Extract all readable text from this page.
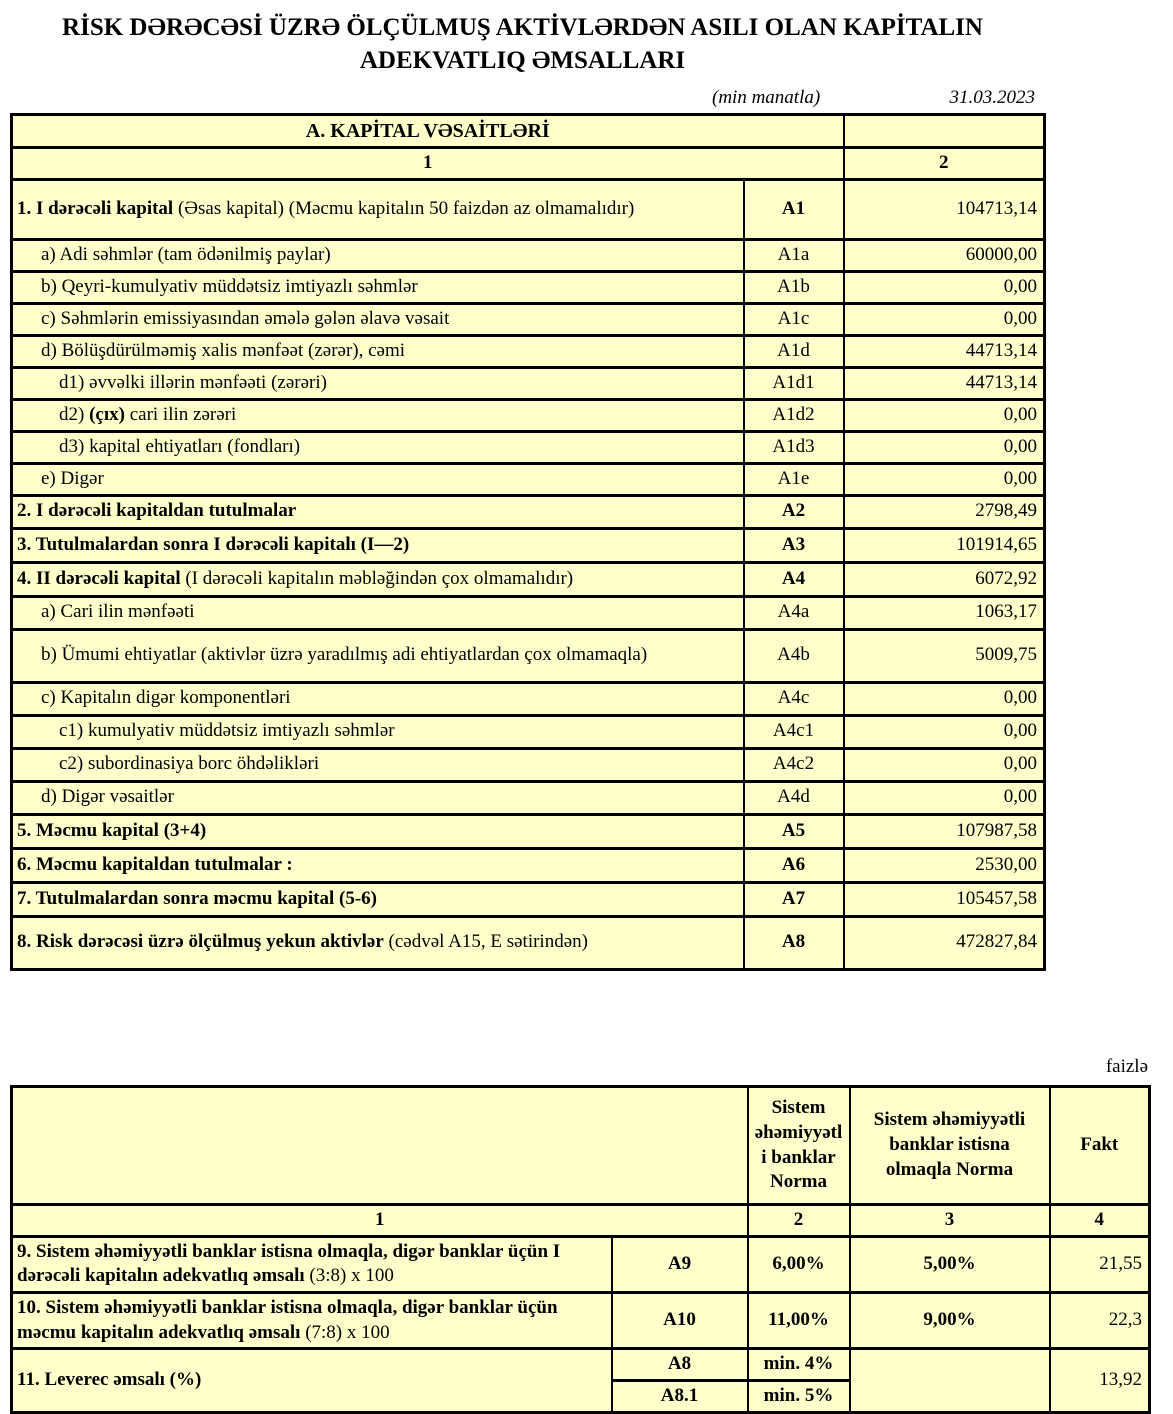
RİSK DƏRƏCƏSİ ÜZRƏ ÖLÇÜLMUŞ AKTİVLƏRDƏN ASILI OLAN KAPİTALIN
ADEKVATLIQ ƏMSALLARI
(min manatla)	31.03.2023
A. KAPİTAL VƏSAİTLƏRİ		
1		2
1. I dərəcəli kapital (Əsas kapital) (Məcmu kapitalın 50 faizdən az olmamalıdır)	A1	104713,14
a) Adi səhmlər (tam ödənilmiş paylar)	A1a	60000,00
b) Qeyri-kumulyativ müddətsiz imtiyazlı səhmlər	A1b	0,00
c) Səhmlərin emissiyasından əmələ gələn əlavə vəsait	A1c	0,00
d) Bölüşdürülməmiş xalis mənfəət (zərər), cəmi	A1d	44713,14
d1) əvvəlki illərin mənfəəti (zərəri)	A1d1	44713,14
d2) (çıx) cari ilin zərəri	A1d2	0,00
d3) kapital ehtiyatları (fondları)	A1d3	0,00
e) Digər	A1e	0,00
2. I dərəcəli kapitaldan tutulmalar	A2	2798,49
3. Tutulmalardan sonra I dərəcəli kapitalı (I—2)	A3	101914,65
4. II dərəcəli kapital (I dərəcəli kapitalın məbləğindən çox olmamalıdır)	A4	6072,92
a) Cari ilin mənfəəti	A4a	1063,17
b) Ümumi ehtiyatlar (aktivlər üzrə yaradılmış adi ehtiyatlardan çox olmamaqla)	A4b	5009,75
c) Kapitalın digər komponentləri	A4c	0,00
c1) kumulyativ müddətsiz imtiyazlı səhmlər	A4c1	0,00
c2) subordinasiya borc öhdəlikləri	A4c2	0,00
d) Digər vəsaitlər	A4d	0,00
5. Məcmu kapital (3+4)	A5	107987,58
6. Məcmu kapitaldan tutulmalar :	A6	2530,00
7. Tutulmalardan sonra məcmu kapital (5-6)	A7	105457,58
8. Risk dərəcəsi üzrə ölçülmuş yekun aktivlər (cədvəl A15, E sətirindən)	A8	472827,84
faizlə
		Sistem əhəmiyyətli banklar Norma	Sistem əhəmiyyətli banklar istisna olmaqla Norma	Fakt
1		2	3	4
9. Sistem əhəmiyyətli banklar istisna olmaqla, digər banklar üçün I dərəcəli kapitalın adekvatlıq əmsalı (3:8) x 100	A9	6,00%	5,00%	21,55
10. Sistem əhəmiyyətli banklar istisna olmaqla, digər banklar üçün məcmu kapitalın adekvatlıq əmsalı (7:8) x 100	A10	11,00%	9,00%	22,3
11. Leverec əmsalı (%)	A8	min. 4%		13,92
	A8.1	min. 5%		
